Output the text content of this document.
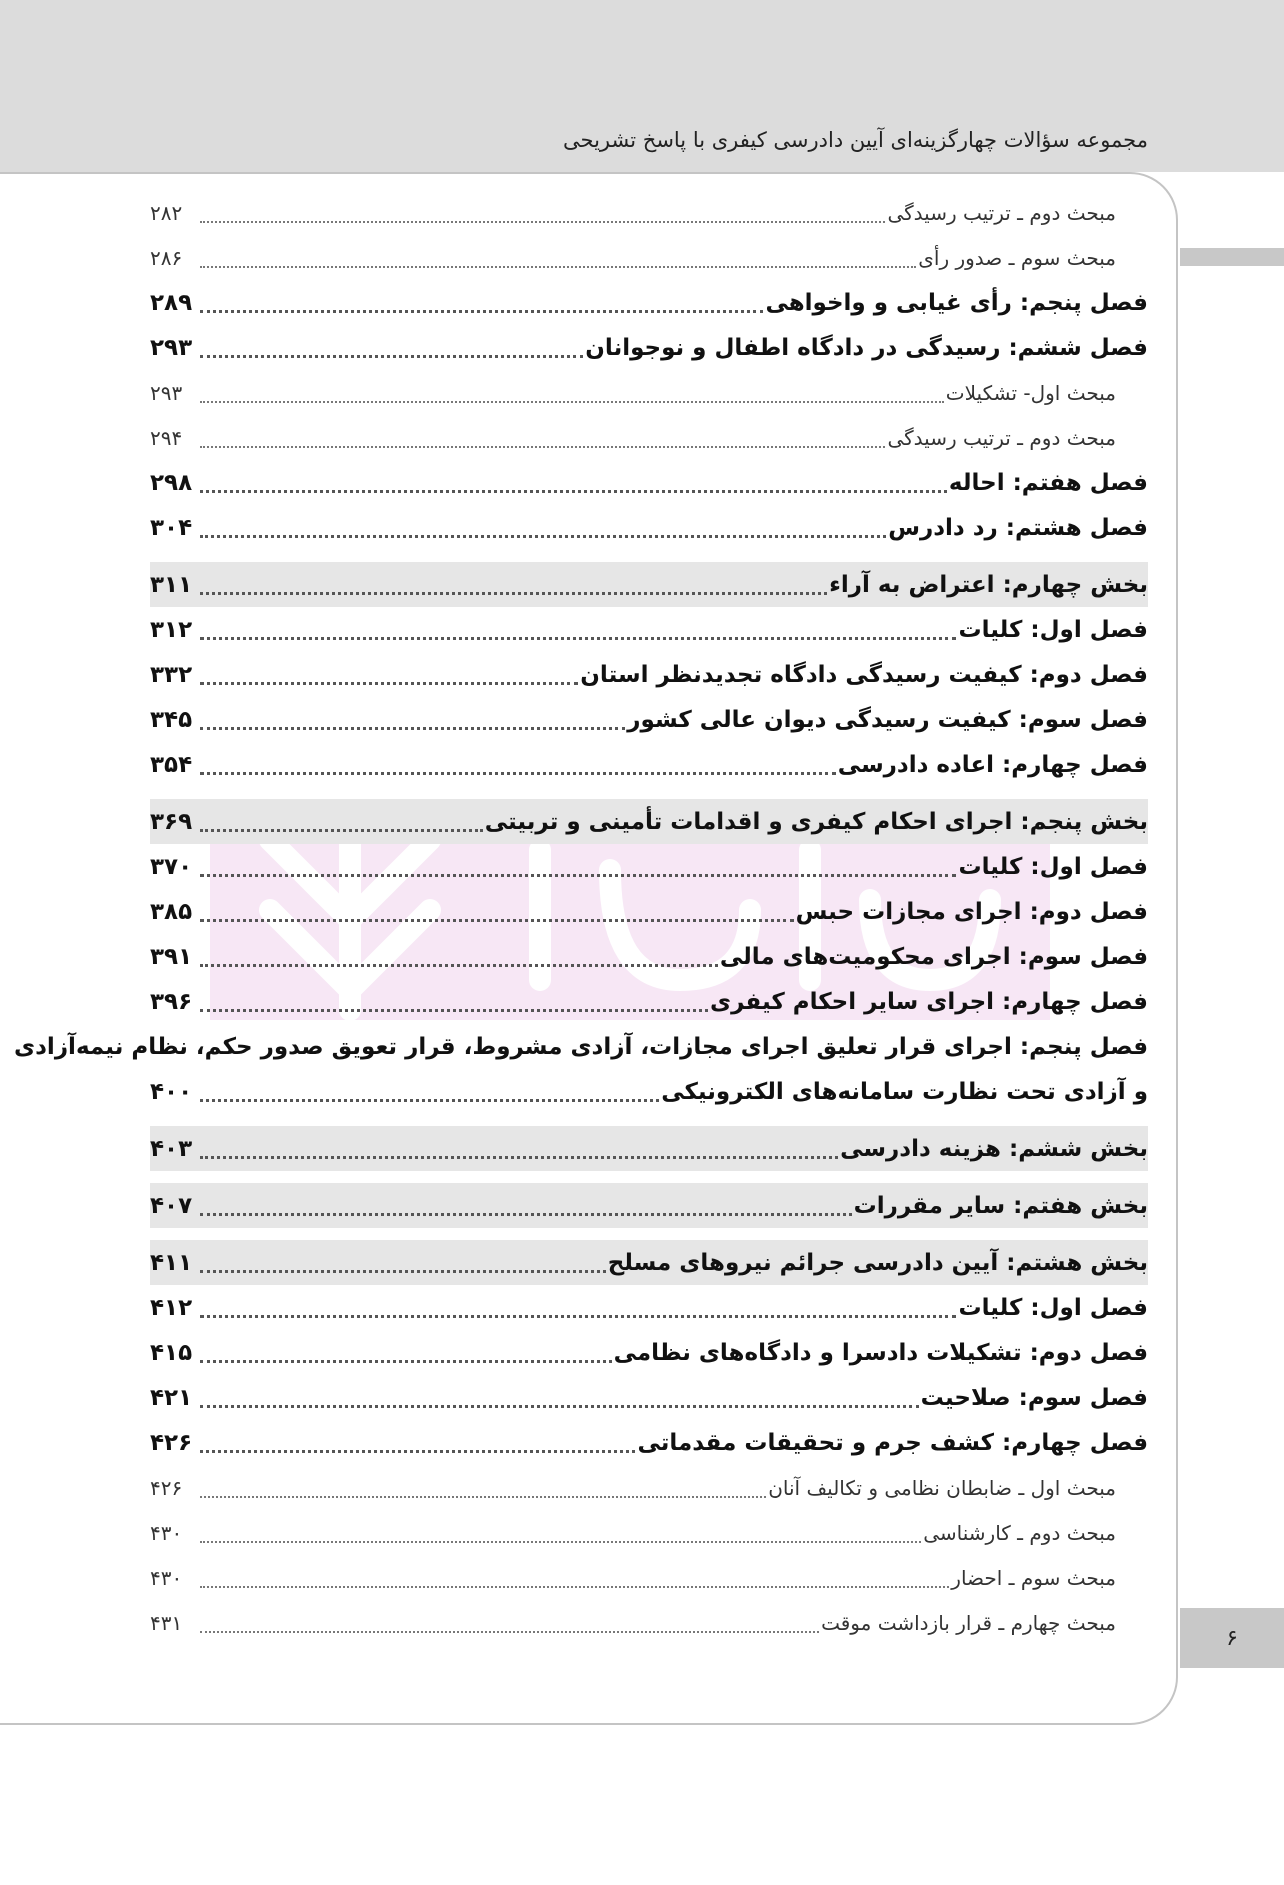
مجموعه سؤالات چهارگزینه‌ای آیین دادرسی کیفری با پاسخ تشریحی
مبحث دوم ـ ترتیب رسیدگی
۲۸۲
مبحث سوم ـ صدور رأی
۲۸۶
فصل پنجم: رأی غیابی و واخواهی
۲۸۹
فصل ششم: رسیدگی در دادگاه اطفال و نوجوانان
۲۹۳
مبحث اول- تشکیلات
۲۹۳
مبحث دوم ـ ترتیب رسیدگی
۲۹۴
فصل هفتم: احاله
۲۹۸
فصل هشتم: رد دادرس
۳۰۴
بخش چهارم: اعتراض به آراء
۳۱۱
فصل اول: کلیات
۳۱۲
فصل دوم: کیفیت رسیدگی دادگاه تجدیدنظر استان
۳۳۲
فصل سوم: کیفیت رسیدگی دیوان عالی کشور
۳۴۵
فصل چهارم: اعاده دادرسی
۳۵۴
بخش پنجم: اجرای احکام کیفری و اقدامات تأمینی و تربیتی
۳۶۹
فصل اول: کلیات
۳۷۰
فصل دوم: اجرای مجازات حبس
۳۸۵
فصل سوم: اجرای محکومیت‌های مالی
۳۹۱
فصل چهارم: اجرای سایر احکام کیفری
۳۹۶
فصل پنجم: اجرای قرار تعلیق اجرای مجازات، آزادی مشروط، قرار تعویق صدور حکم، نظام نیمه‌آزادی
و آزادی تحت نظارت سامانه‌های الکترونیکی
۴۰۰
بخش ششم: هزینه دادرسی
۴۰۳
بخش هفتم: سایر مقررات
۴۰۷
بخش هشتم: آیین دادرسی جرائم نیروهای مسلح
۴۱۱
فصل اول: کلیات
۴۱۲
فصل دوم: تشکیلات دادسرا و دادگاه‌های نظامی
۴۱۵
فصل سوم: صلاحیت
۴۲۱
فصل چهارم: کشف جرم و تحقیقات مقدماتی
۴۲۶
مبحث اول ـ ضابطان نظامی و تکالیف آنان
۴۲۶
مبحث دوم ـ کارشناسی
۴۳۰
مبحث سوم ـ احضار
۴۳۰
مبحث چهارم ـ قرار بازداشت موقت
۴۳۱
۶
